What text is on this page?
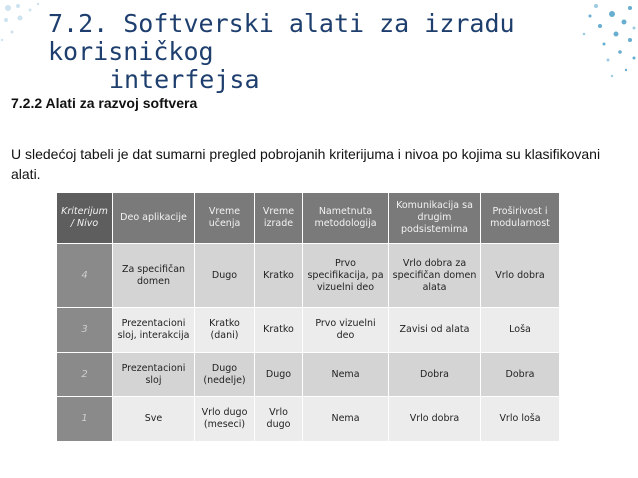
7.2. Softverski alati za izradu korisničkog
interfejsa
7.2.2 Alati za razvoj softvera
U sledećoj tabeli je dat sumarni pregled pobrojanih kriterijuma i nivoa po kojima su klasifikovani alati.
Kriterijum / Nivo	Deo aplikacije	Vreme učenja	Vreme izrade	Nametnuta metodologija	Komunikacija sa drugim podsistemima	Proširivost i modularnost
4	Za specifičan domen	Dugo	Kratko	Prvo specifikacija, pa vizuelni deo	Vrlo dobra za specifičan domen alata	Vrlo dobra
3	Prezentacioni sloj, interakcija	Kratko (dani)	Kratko	Prvo vizuelni deo	Zavisi od alata	Loša
2	Prezentacioni sloj	Dugo (nedelje)	Dugo	Nema	Dobra	Dobra
1	Sve	Vrlo dugo (meseci)	Vrlo dugo	Nema	Vrlo dobra	Vrlo loša
